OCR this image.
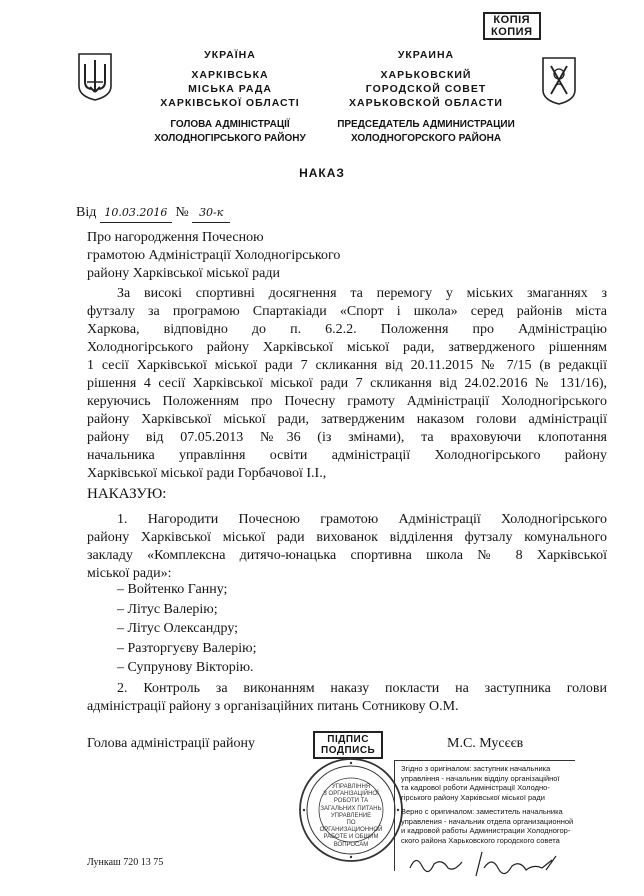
КОПІЯ
КОПИЯ
УКРАЇНА
ХАРКІВСЬКА
МІСЬКА РАДА
ХАРКІВСЬКОЇ ОБЛАСТІ
ГОЛОВА АДМІНІСТРАЦІЇ
ХОЛОДНОГІРСЬКОГО РАЙОНУ
УКРАИНА
ХАРЬКОВСКИЙ
ГОРОДСКОЙ СОВЕТ
ХАРЬКОВСКОЙ ОБЛАСТИ
ПРЕДСЕДАТЕЛЬ АДМИНИСТРАЦИИ
ХОЛОДНОГОРСКОГО РАЙОНА
НАКАЗ
Від 10.03.2016 № 30-к
Про нагородження Почесною
грамотою Адміністрації Холодногірського
району Харківської міської ради
За високі спортивні досягнення та перемогу у міських змаганнях з
футзалу за програмою Спартакіади «Спорт і школа» серед районів міста
Харкова, відповідно до п. 6.2.2. Положення про Адміністрацію
Холодногірського району Харківської міської ради, затвердженого рішенням
1 сесії Харківської міської ради 7 скликання від 20.11.2015 № 7/15 (в редакції
рішення 4 сесії Харківської міської ради 7 скликання від 24.02.2016 № 131/16),
керуючись Положенням про Почесну грамоту Адміністрації Холодногірського
району Харківської міської ради, затвердженим наказом голови адміністрації
району від 07.05.2013 №36 (із змінами), та враховуючи клопотання
начальника управління освіти адміністрації Холодногірського району
Харківської міської ради Горбачової І.І.,
НАКАЗУЮ:
1. Нагородити Почесною грамотою Адміністрації Холодногірського
району Харківської міської ради вихованок відділення футзалу комунального
закладу «Комплексна дитячо-юнацька спортивна школа № 8 Харківської
міської ради»:
– Войтенко Ганну;
– Літус Валерію;
– Літус Олександру;
– Разторгуєву Валерію;
– Супрунову Вікторію.
2. Контроль за виконанням наказу покласти на заступника голови
адміністрації району з організаційних питань Сотникову О.М.
Голова адміністрації району	ПІДПИС
ПОДПИСЬ	М.С. Мусєєв
УПРАВЛІННЯ
З ОРГАНІЗАЦІЙНОЇ
РОБОТИ ТА
ЗАГАЛЬНИХ ПИТАНЬ
УПРАВЛЕНИЕ
ПО ОРГАНИЗАЦИОННОЙ
РАБОТЕ И ОБЩИМ
ВОПРОСАМ
Згідно з оригіналом: заступник начальника
управління - начальник відділу організаційної
та кадрової роботи Адміністрації Холодно-
гірського району Харківської міської ради
Верно с оригиналом: заместитель начальника
управления - начальник отдела организационной
и кадровой работы Администрации Холодногор-
ского района Харьковского городского совета
Лункаш 720 13 75
